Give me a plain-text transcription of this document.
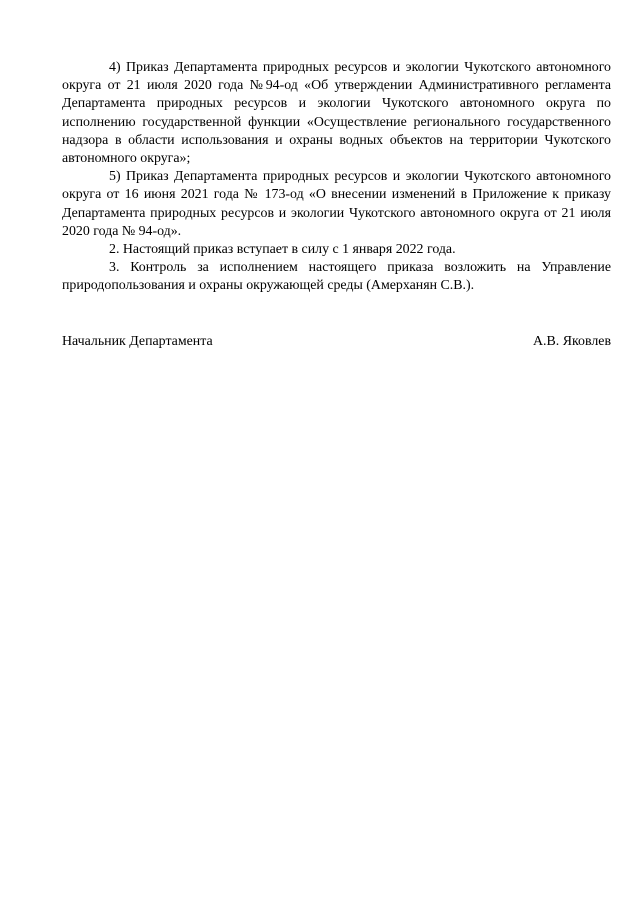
4) Приказ Департамента природных ресурсов и экологии Чукотского автономного округа от 21 июля 2020 года №94-од «Об утверждении Административного регламента Департамента природных ресурсов и экологии Чукотского автономного округа по исполнению государственной функции «Осуществление регионального государственного надзора в области использования и охраны водных объектов на территории Чукотского автономного округа»;

5) Приказ Департамента природных ресурсов и экологии Чукотского автономного округа от 16 июня 2021 года № 173-од «О внесении изменений в Приложение к приказу Департамента природных ресурсов и экологии Чукотского автономного округа от 21 июля 2020 года № 94-од».

2. Настоящий приказ вступает в силу с 1 января 2022 года.

3. Контроль за исполнением настоящего приказа возложить на Управление природопользования и охраны окружающей среды (Амерханян С.В.).

Начальник Департамента	А.В. Яковлев
